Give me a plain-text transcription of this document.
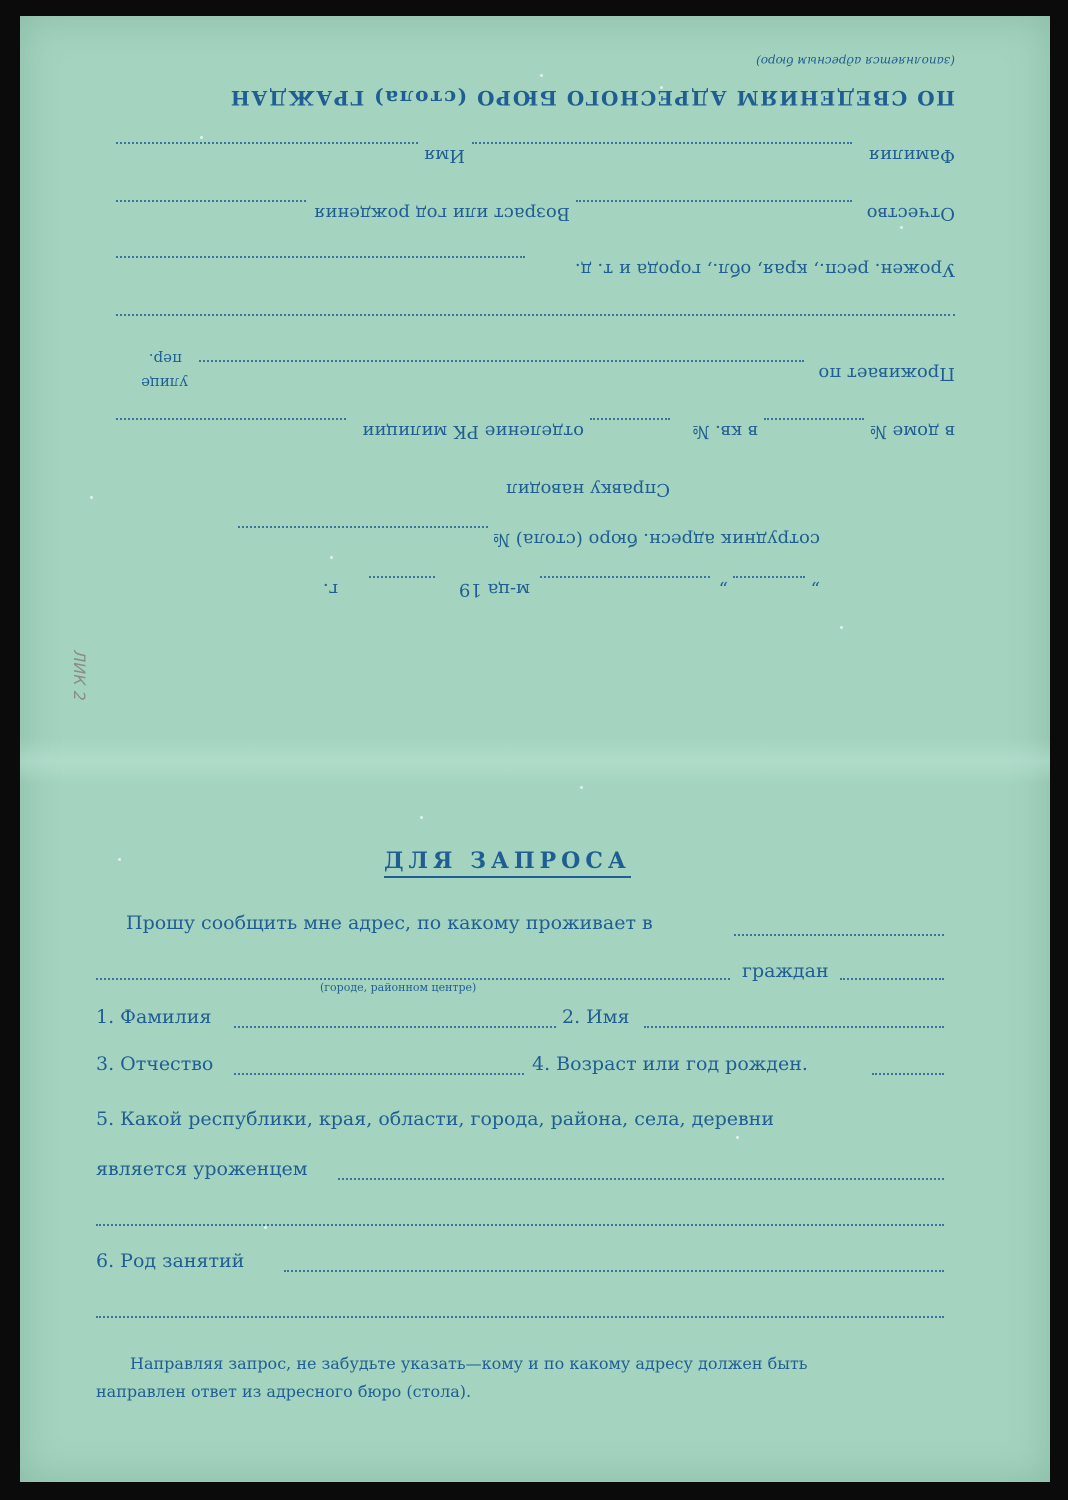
(заполняется адресным бюро)
ПО СВЕДЕНИЯМ АДРЕСНОГО БЮРО (стола) ГРАЖДАН
Фамилия
Имя
Отчество
Возраст или год рождения
Урожен. респ., края, обл., города и т. д.
Проживает по
улице
пер.
в доме №
в кв. №
отделение РК милиции
Справку наводил
сотрудник адресн. бюро (стола) №
„
„
м-ца 19
г.
ЛИК 2
ДЛЯ ЗАПРОСА
Прошу сообщить мне адрес, по какому проживает в
граждан
(городе, районном центре)
1. Фамилия	2. Имя
3. Отчество	4. Возраст или год рожден.
5. Какой республики, края, области, города, района, села, деревни
является уроженцем
6. Род занятий
Направляя запрос, не забудьте указать—кому и по какому адресу должен быть
направлен ответ из адресного бюро (стола).
